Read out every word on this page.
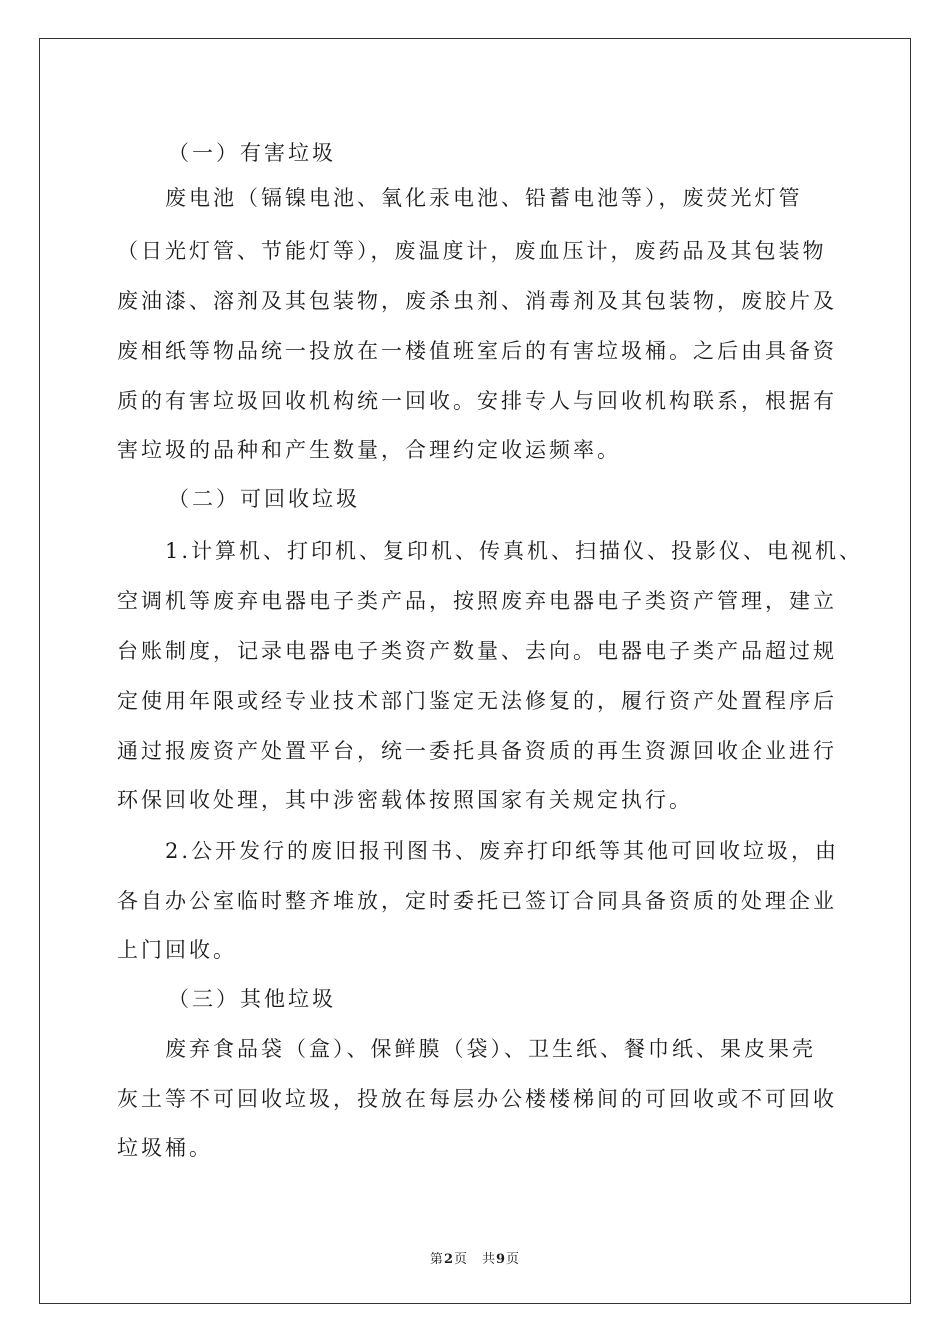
（一）有害垃圾
　　废电池（镉镍电池、氧化汞电池、铅蓄电池等），废荧光灯管
（日光灯管、节能灯等），废温度计，废血压计，废药品及其包装物
废油漆、溶剂及其包装物，废杀虫剂、消毒剂及其包装物，废胶片及
废相纸等物品统一投放在一楼值班室后的有害垃圾桶。之后由具备资
质的有害垃圾回收机构统一回收。安排专人与回收机构联系，根据有
害垃圾的品种和产生数量，合理约定收运频率。
（二）可回收垃圾
　　1.计算机、打印机、复印机、传真机、扫描仪、投影仪、电视机、
空调机等废弃电器电子类产品，按照废弃电器电子类资产管理，建立
台账制度，记录电器电子类资产数量、去向。电器电子类产品超过规
定使用年限或经专业技术部门鉴定无法修复的，履行资产处置程序后
通过报废资产处置平台，统一委托具备资质的再生资源回收企业进行
环保回收处理，其中涉密载体按照国家有关规定执行。
　　2.公开发行的废旧报刊图书、废弃打印纸等其他可回收垃圾，由
各自办公室临时整齐堆放，定时委托已签订合同具备资质的处理企业
上门回收。
（三）其他垃圾
　　废弃食品袋（盒）、保鲜膜（袋）、卫生纸、餐巾纸、果皮果壳
灰土等不可回收垃圾，投放在每层办公楼楼梯间的可回收或不可回收
垃圾桶。
第2页　共9页
